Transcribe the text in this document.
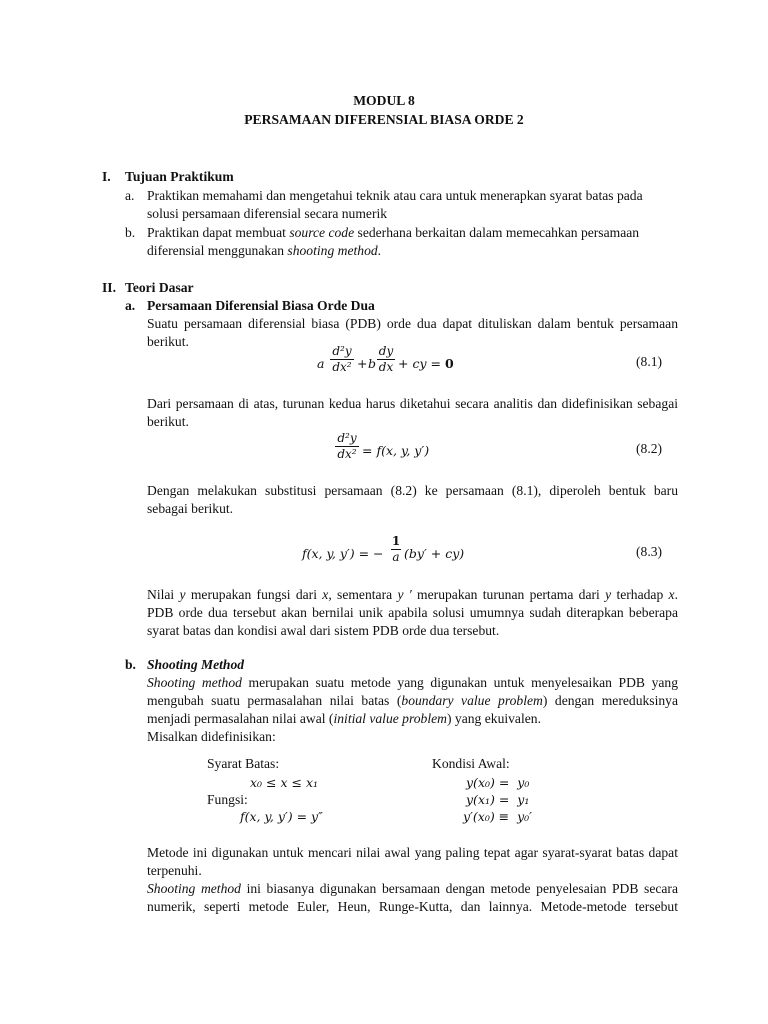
MODUL 8
PERSAMAAN DIFERENSIAL BIASA ORDE 2
I. Tujuan Praktikum
a. Praktikan memahami dan mengetahui teknik atau cara untuk menerapkan syarat batas pada
solusi persamaan diferensial secara numerik
b. Praktikan dapat membuat source code sederhana berkaitan dalam memecahkan persamaan
diferensial menggunakan shooting method.
II. Teori Dasar
a. Persamaan Diferensial Biasa Orde Dua
Suatu persamaan diferensial biasa (PDB) orde dua dapat dituliskan dalam bentuk persamaan
berikut.
a
d²y
dx² + b
dy
dx + cy = 0	(8.1)
Dari persamaan di atas, turunan kedua harus diketahui secara analitis dan didefinisikan sebagai
berikut.
d²y
dx² = f(x, y, y′)	(8.2)
Dengan melakukan substitusi persamaan (8.2) ke persamaan (8.1), diperoleh bentuk baru
sebagai berikut.
f(x, y, y′) = −
1
a (by′ + cy)	(8.3)
Nilai y merupakan fungsi dari x, sementara y ′ merupakan turunan pertama dari y terhadap x.
PDB orde dua tersebut akan bernilai unik apabila solusi umumnya sudah diterapkan beberapa
syarat batas dan kondisi awal dari sistem PDB orde dua tersebut.
b. Shooting Method
Shooting method merupakan suatu metode yang digunakan untuk menyelesaikan PDB yang
mengubah suatu permasalahan nilai batas (boundary value problem) dengan mereduksinya
menjadi permasalahan nilai awal (initial value problem) yang ekuivalen.
Misalkan didefinisikan:
Syarat Batas:
x₀ ≤ x ≤ x₁
Fungsi:
f(x, y, y′) = y″
Kondisi Awal:
y(x₀) =  y₀
y(x₁) =  y₁
y′(x₀) ≡  y₀′
Metode ini digunakan untuk mencari nilai awal yang paling tepat agar syarat-syarat batas dapat
terpenuhi.
Shooting method ini biasanya digunakan bersamaan dengan metode penyelesaian PDB secara
numerik, seperti metode Euler, Heun, Runge-Kutta, dan lainnya. Metode-metode tersebut
